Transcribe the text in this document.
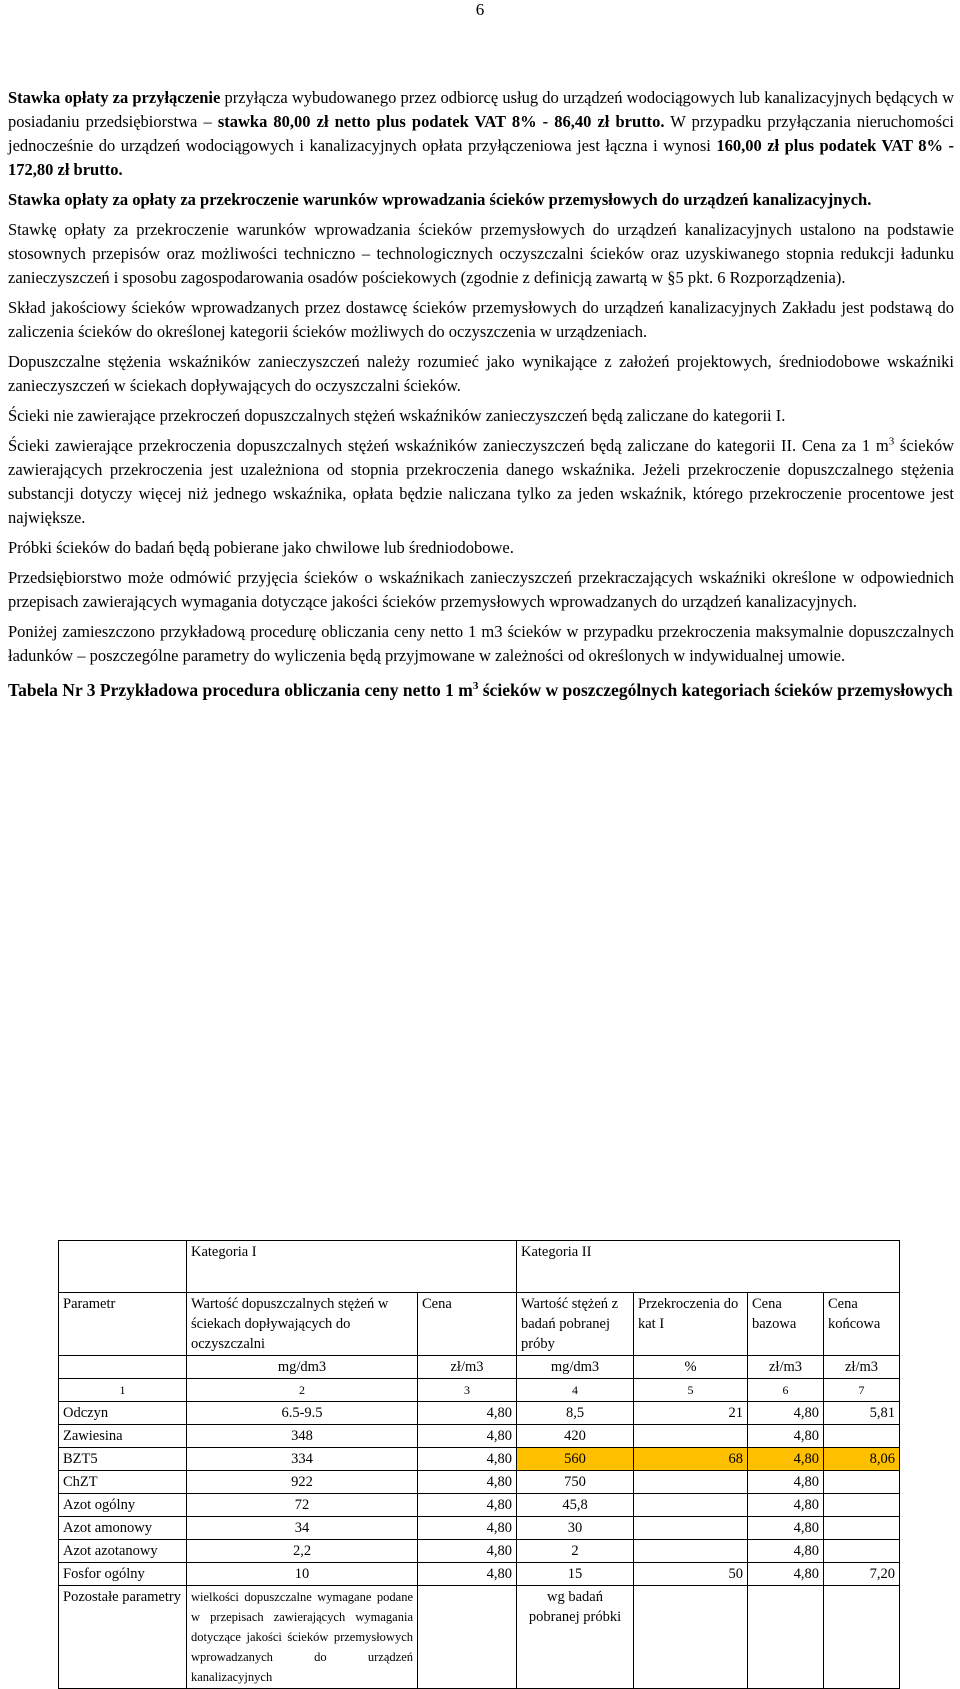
6

Stawka opłaty za przyłączenie przyłącza wybudowanego przez odbiorcę usług do urządzeń wodociągowych lub kanalizacyjnych będących w posiadaniu przedsiębiorstwa – stawka 80,00 zł netto plus podatek VAT 8% - 86,40 zł brutto. W przypadku przyłączania nieruchomości jednocześnie do urządzeń wodociągowych i kanalizacyjnych opłata przyłączeniowa jest łączna i wynosi 160,00 zł plus podatek VAT 8% - 172,80 zł brutto.

Stawka opłaty za opłaty za przekroczenie warunków wprowadzania ścieków przemysłowych do urządzeń kanalizacyjnych.

Stawkę opłaty za przekroczenie warunków wprowadzania ścieków przemysłowych do urządzeń kanalizacyjnych ustalono na podstawie stosownych przepisów oraz możliwości techniczno – technologicznych oczyszczalni ścieków oraz uzyskiwanego stopnia redukcji ładunku zanieczyszczeń i sposobu zagospodarowania osadów pościekowych (zgodnie z definicją zawartą w §5 pkt. 6 Rozporządzenia).

Skład jakościowy ścieków wprowadzanych przez dostawcę ścieków przemysłowych do urządzeń kanalizacyjnych Zakładu jest podstawą do zaliczenia ścieków do określonej kategorii ścieków możliwych do oczyszczenia w urządzeniach.

Dopuszczalne stężenia wskaźników zanieczyszczeń należy rozumieć jako wynikające z założeń projektowych, średniodobowe wskaźniki zanieczyszczeń w ściekach dopływających do oczyszczalni ścieków.

Ścieki nie zawierające przekroczeń dopuszczalnych stężeń wskaźników zanieczyszczeń będą zaliczane do kategorii I.

Ścieki zawierające przekroczenia dopuszczalnych stężeń wskaźników zanieczyszczeń będą zaliczane do kategorii II. Cena za 1 $m^3$ ścieków zawierających przekroczenia jest uzależniona od stopnia przekroczenia danego wskaźnika. Jeżeli przekroczenie dopuszczalnego stężenia substancji dotyczy więcej niż jednego wskaźnika, opłata będzie naliczana tylko za jeden wskaźnik, którego przekroczenie procentowe jest największe.

Próbki ścieków do badań będą pobierane jako chwilowe lub średniodobowe.

Przedsiębiorstwo może odmówić przyjęcia ścieków o wskaźnikach zanieczyszczeń przekraczających wskaźniki określone w odpowiednich przepisach zawierających wymagania dotyczące jakości ścieków przemysłowych wprowadzanych do urządzeń kanalizacyjnych.

Poniżej zamieszczono przykładową procedurę obliczania ceny netto 1 m3 ścieków w przypadku przekroczenia maksymalnie dopuszczalnych ładunków – poszczególne parametry do wyliczenia będą przyjmowane w zależności od określonych w indywidualnej umowie.

Tabela Nr 3 Przykładowa procedura obliczania ceny netto 1 $m^3$ ścieków w poszczególnych kategoriach ścieków przemysłowych
	Kategoria I		Kategoria II			
Parametr	Wartość dopuszczalnych stężeń w ściekach dopływających do oczyszczalni	Cena	Wartość stężeń z badań pobranej próby	Przekroczenia do kat I	Cena bazowa	Cena końcowa
	mg/dm3	zł/m3	mg/dm3	%	zł/m3	zł/m3
1	2	3	4	5	6	7
Odczyn	6.5-9.5	4,80	8,5	21	4,80	5,81
Zawiesina	348	4,80	420		4,80	
BZT5	334	4,80	560	68	4,80	8,06
ChZT	922	4,80	750		4,80	
Azot ogólny	72	4,80	45,8		4,80	
Azot amonowy	34	4,80	30		4,80	
Azot azotanowy	2,2	4,80	2		4,80	
Fosfor ogólny	10	4,80	15	50	4,80	7,20
Pozostałe parametry	wielkości dopuszczalne wymagane podane w przepisach zawierających wymagania dotyczące jakości ścieków przemysłowych wprowadzanych do urządzeń kanalizacyjnych		wg badań pobranej próbki			
